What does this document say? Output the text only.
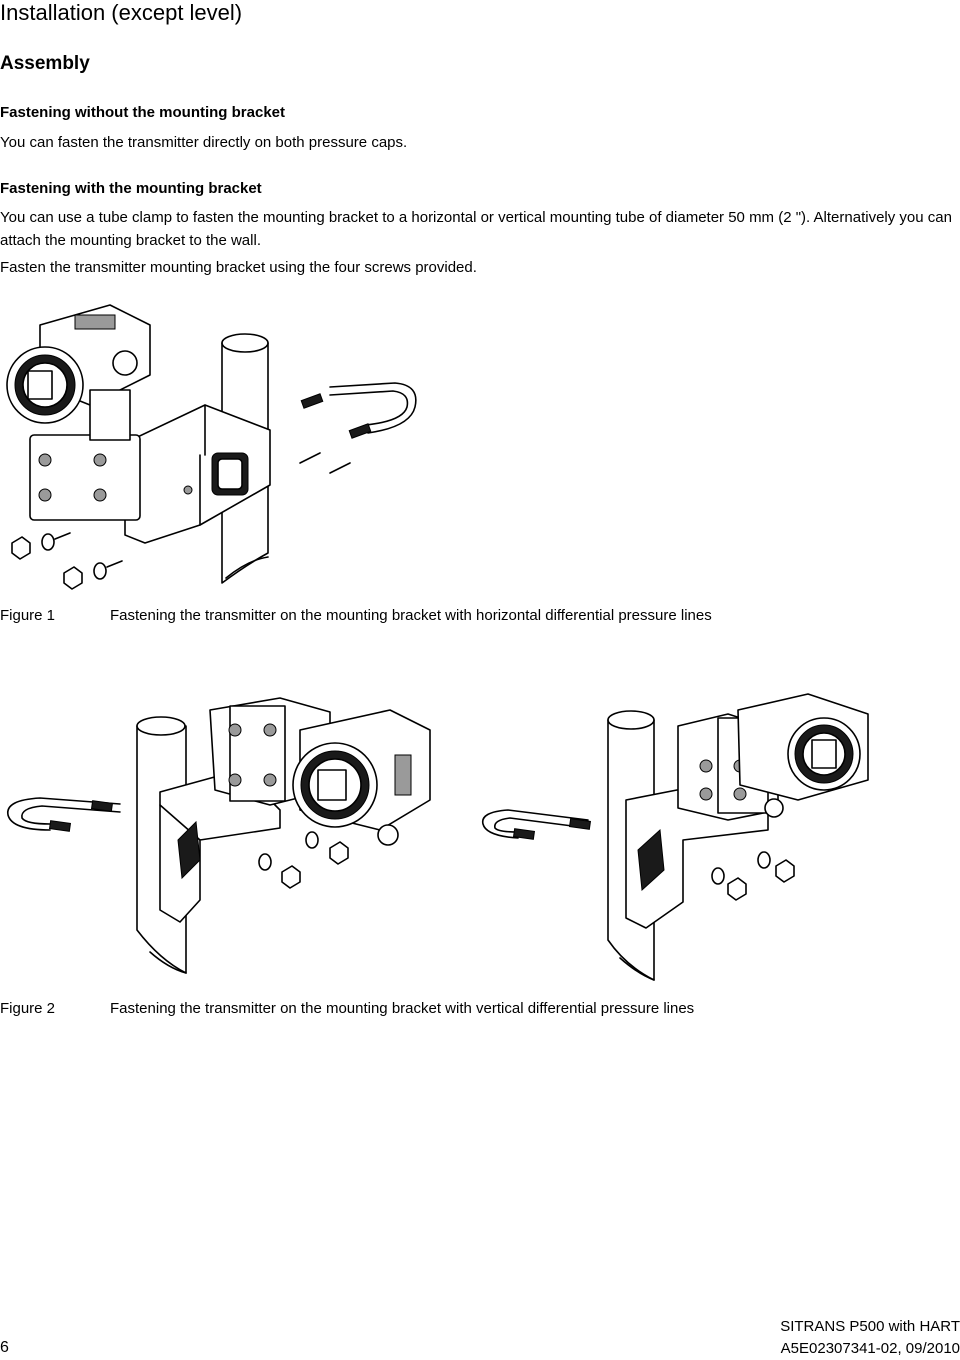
Installation (except level)
Assembly
Fastening without the mounting bracket
You can fasten the transmitter directly on both pressure caps.
Fastening with the mounting bracket
You can use a tube clamp to fasten the mounting bracket to a horizontal or vertical mounting tube of diameter 50 mm (2 "). Alternatively you can attach the mounting bracket to the wall.
Fasten the transmitter mounting bracket using the four screws provided.
Figure 1	Fastening the transmitter on the mounting bracket with horizontal differential pressure lines
Figure 2	Fastening the transmitter on the mounting bracket with vertical differential pressure lines
6
SITRANS P500 with HART
A5E02307341-02, 09/2010
